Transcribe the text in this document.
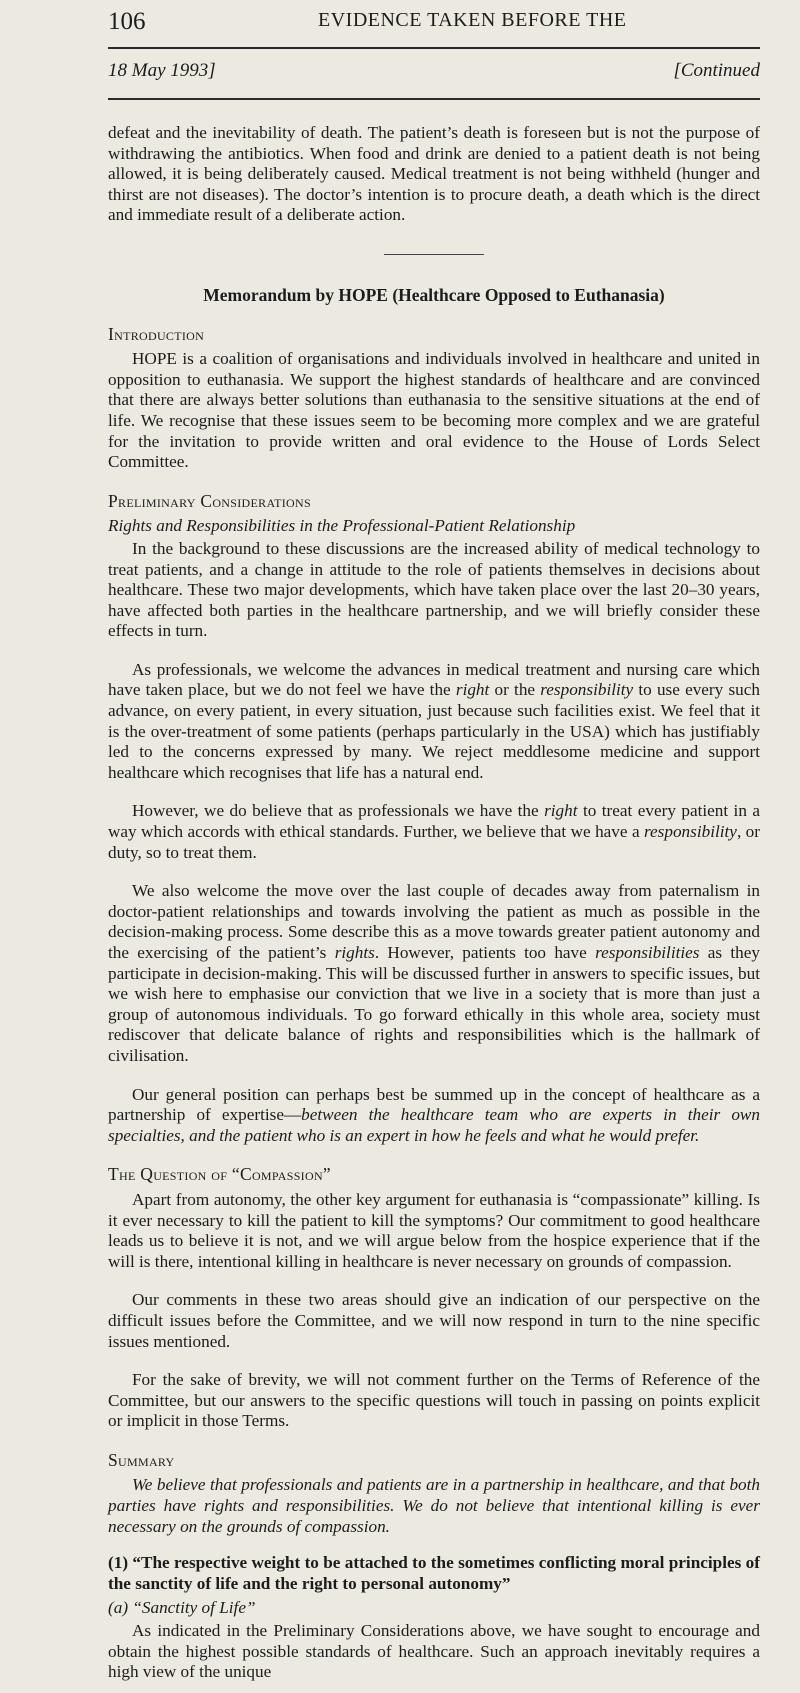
106	EVIDENCE TAKEN BEFORE THE
18 May 1993]	[Continued

defeat and the inevitability of death. The patient’s death is foreseen but is not the purpose of withdrawing the antibiotics. When food and drink are denied to a patient death is not being allowed, it is being deliberately caused. Medical treatment is not being withheld (hunger and thirst are not diseases). The doctor’s intention is to procure death, a death which is the direct and immediate result of a deliberate action.

Memorandum by HOPE (Healthcare Opposed to Euthanasia)
Introduction

HOPE is a coalition of organisations and individuals involved in healthcare and united in opposition to euthanasia. We support the highest standards of healthcare and are convinced that there are always better solutions than euthanasia to the sensitive situations at the end of life. We recognise that these issues seem to be becoming more complex and we are grateful for the invitation to provide written and oral evidence to the House of Lords Select Committee.

Preliminary Considerations
Rights and Responsibilities in the Professional-Patient Relationship

In the background to these discussions are the increased ability of medical technology to treat patients, and a change in attitude to the role of patients themselves in decisions about healthcare. These two major developments, which have taken place over the last 20–30 years, have affected both parties in the healthcare partnership, and we will briefly consider these effects in turn.

As professionals, we welcome the advances in medical treatment and nursing care which have taken place, but we do not feel we have the right or the responsibility to use every such advance, on every patient, in every situation, just because such facilities exist. We feel that it is the over-treatment of some patients (perhaps particularly in the USA) which has justifiably led to the concerns expressed by many. We reject meddlesome medicine and support healthcare which recognises that life has a natural end.

However, we do believe that as professionals we have the right to treat every patient in a way which accords with ethical standards. Further, we believe that we have a responsibility, or duty, so to treat them.

We also welcome the move over the last couple of decades away from paternalism in doctor-patient relationships and towards involving the patient as much as possible in the decision-making process. Some describe this as a move towards greater patient autonomy and the exercising of the patient’s rights. However, patients too have responsibilities as they participate in decision-making. This will be discussed further in answers to specific issues, but we wish here to emphasise our conviction that we live in a society that is more than just a group of autonomous individuals. To go forward ethically in this whole area, society must rediscover that delicate balance of rights and responsibilities which is the hallmark of civilisation.

Our general position can perhaps best be summed up in the concept of healthcare as a partnership of expertise—between the healthcare team who are experts in their own specialties, and the patient who is an expert in how he feels and what he would prefer.

The Question of “Compassion”

Apart from autonomy, the other key argument for euthanasia is “compassionate” killing. Is it ever necessary to kill the patient to kill the symptoms? Our commitment to good healthcare leads us to believe it is not, and we will argue below from the hospice experience that if the will is there, intentional killing in healthcare is never necessary on grounds of compassion.

Our comments in these two areas should give an indication of our perspective on the difficult issues before the Committee, and we will now respond in turn to the nine specific issues mentioned.

For the sake of brevity, we will not comment further on the Terms of Reference of the Committee, but our answers to the specific questions will touch in passing on points explicit or implicit in those Terms.

Summary

We believe that professionals and patients are in a partnership in healthcare, and that both parties have rights and responsibilities. We do not believe that intentional killing is ever necessary on the grounds of compassion.

(1) “The respective weight to be attached to the sometimes conflicting moral principles of the sanctity of life and the right to personal autonomy”
(a) “Sanctity of Life”

As indicated in the Preliminary Considerations above, we have sought to encourage and obtain the highest possible standards of healthcare. Such an approach inevitably requires a high view of the unique
